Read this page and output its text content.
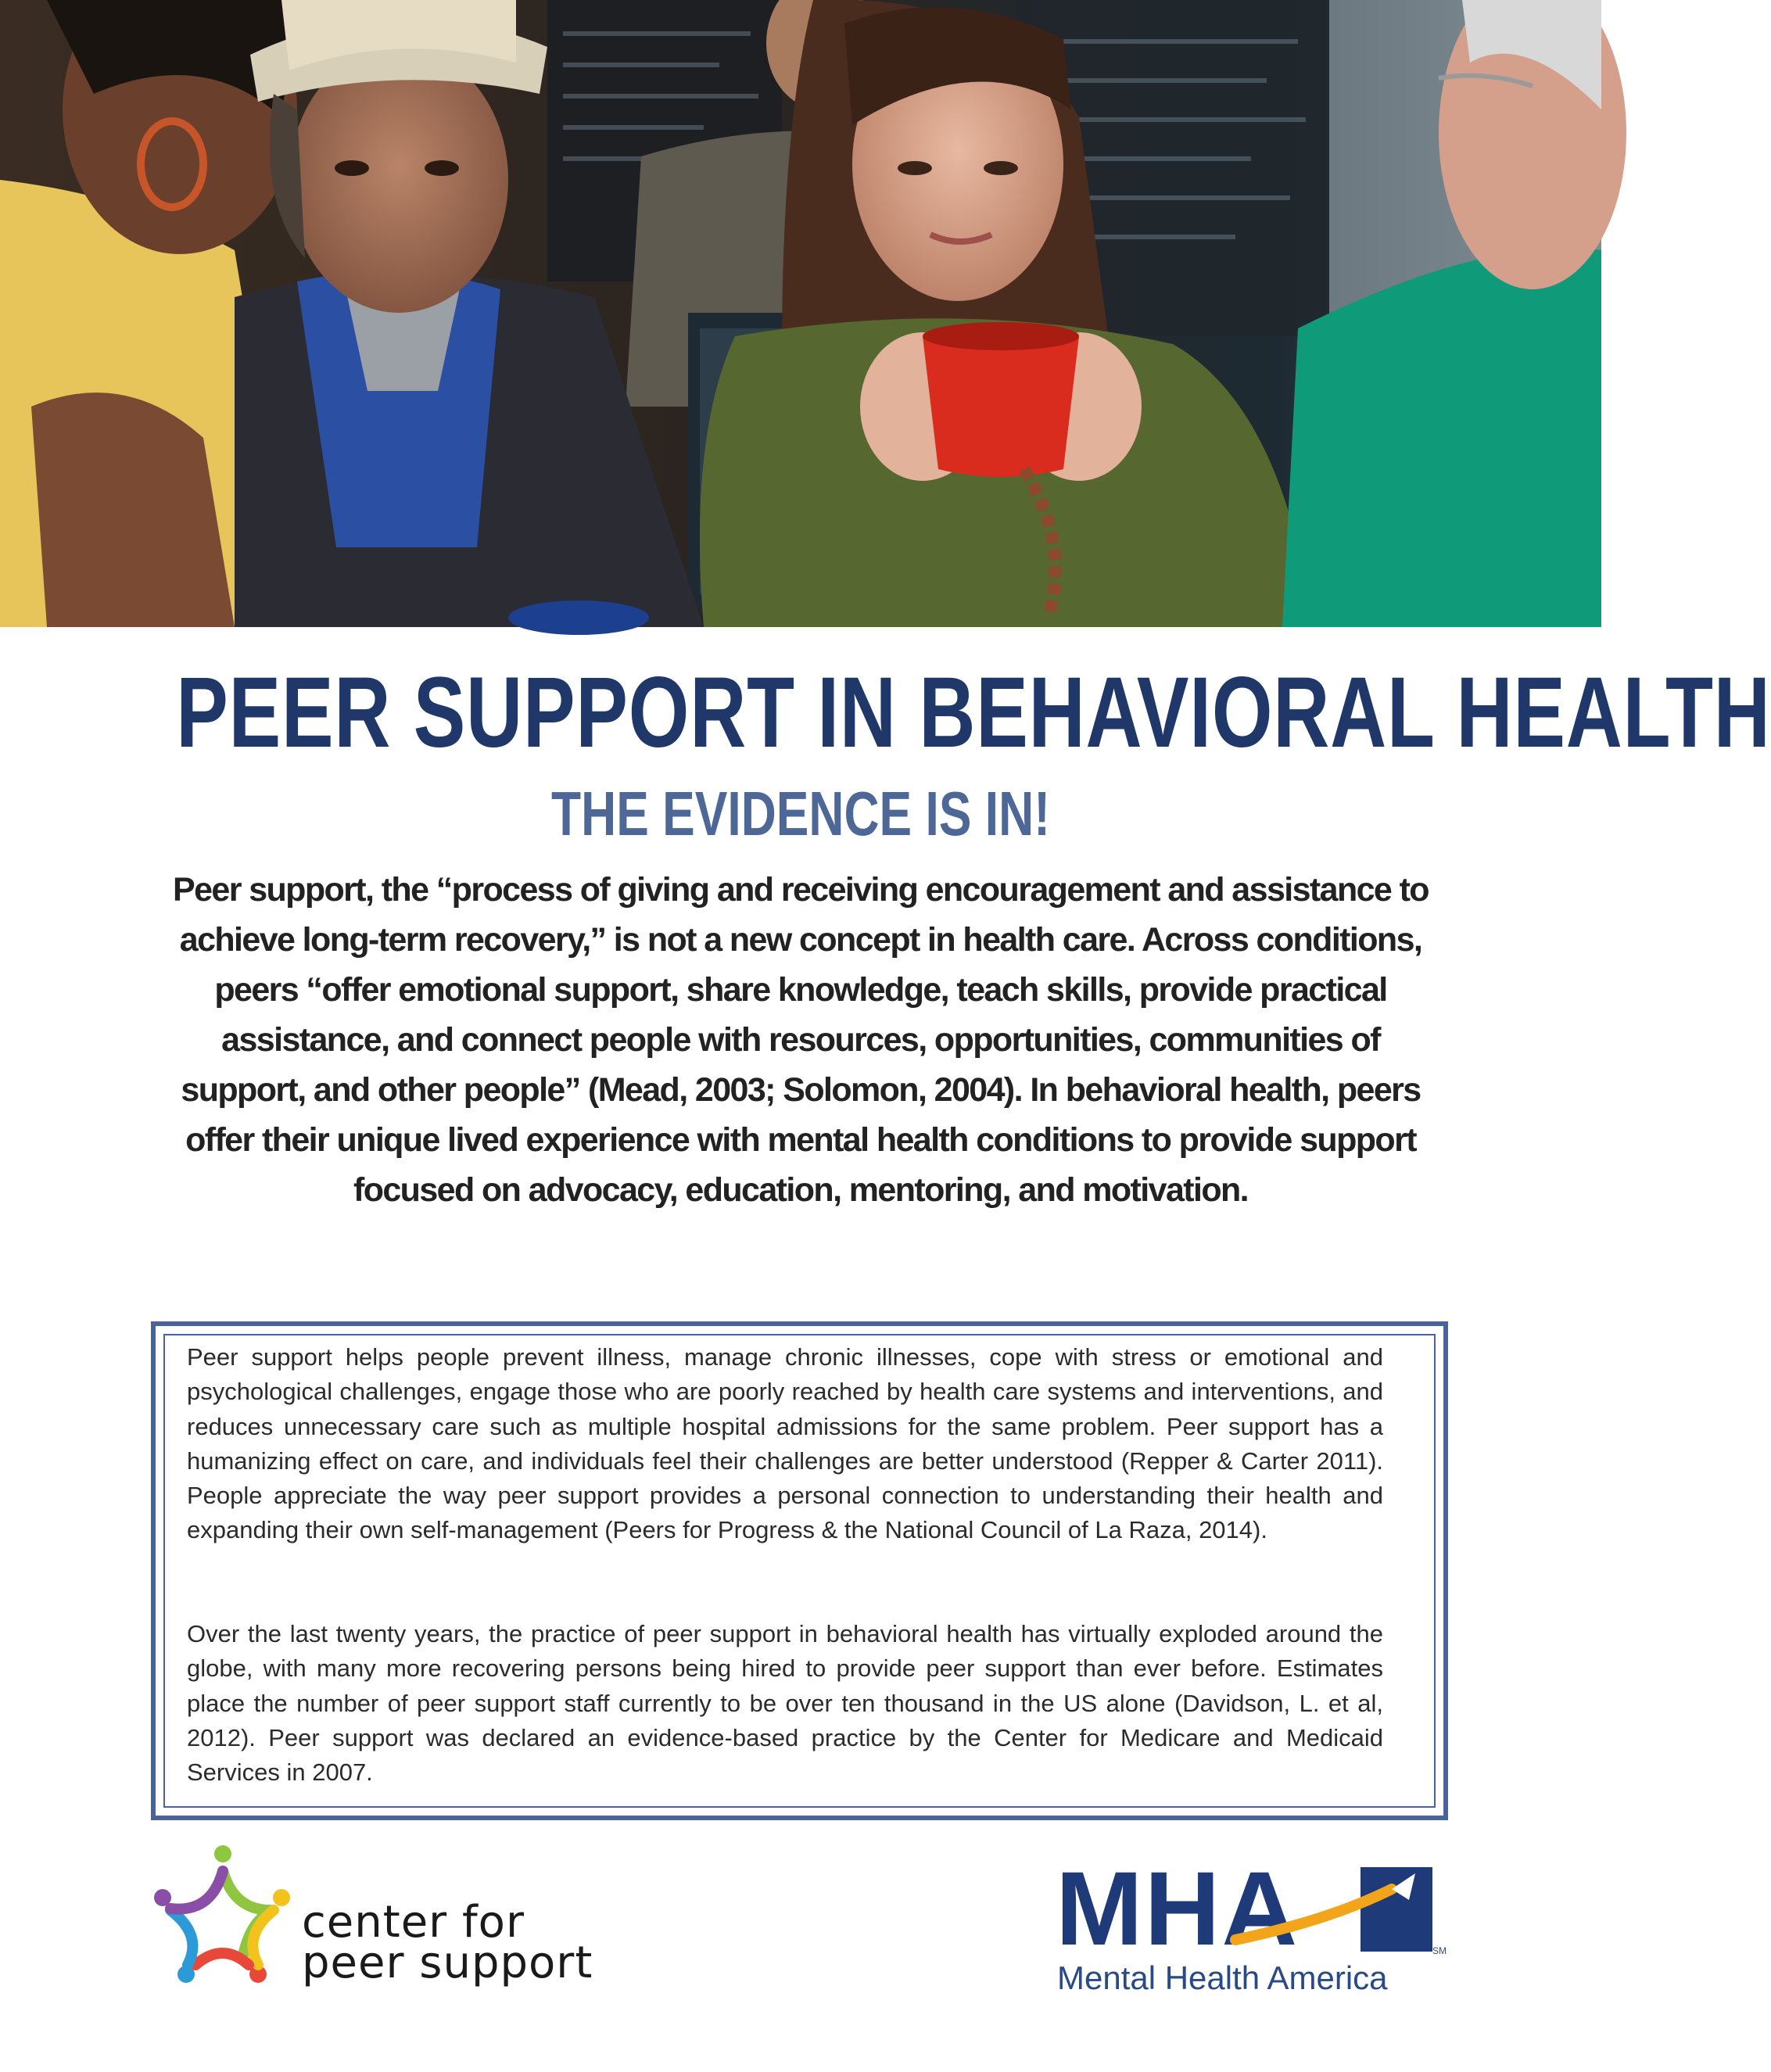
PEER SUPPORT IN BEHAVIORAL HEALTH
THE EVIDENCE IS IN!

Peer support, the “process of giving and receiving encouragement and assistance to achieve long-term recovery,” is not a new concept in health care. Across conditions, peers “offer emotional support, share knowledge, teach skills, provide practical assistance, and connect people with resources, opportunities, communities of support, and other people” (Mead, 2003; Solomon, 2004). In behavioral health, peers offer their unique lived experience with mental health conditions to provide support focused on advocacy, education, mentoring, and motivation.

Peer support helps people prevent illness, manage chronic illnesses, cope with stress or emotional and psychological challenges, engage those who are poorly reached by health care systems and interventions, and reduces unnecessary care such as multiple hospital admissions for the same problem. Peer support has a humanizing effect on care, and individuals feel their challenges are better understood (Repper & Carter 2011). People appreciate the way peer support provides a personal connection to understanding their health and expanding their own self-management (Peers for Progress & the National Council of La Raza, 2014).

Over the last twenty years, the practice of peer support in behavioral health has virtually exploded around the globe, with many more recovering persons being hired to provide peer support than ever before. Estimates place the number of peer support staff currently to be over ten thousand in the US alone (Davidson, L. et al, 2012). Peer support was declared an evidence-based practice by the Center for Medicare and Medicaid Services in 2007.

center for
peer support	MHA	SM
Mental Health America
